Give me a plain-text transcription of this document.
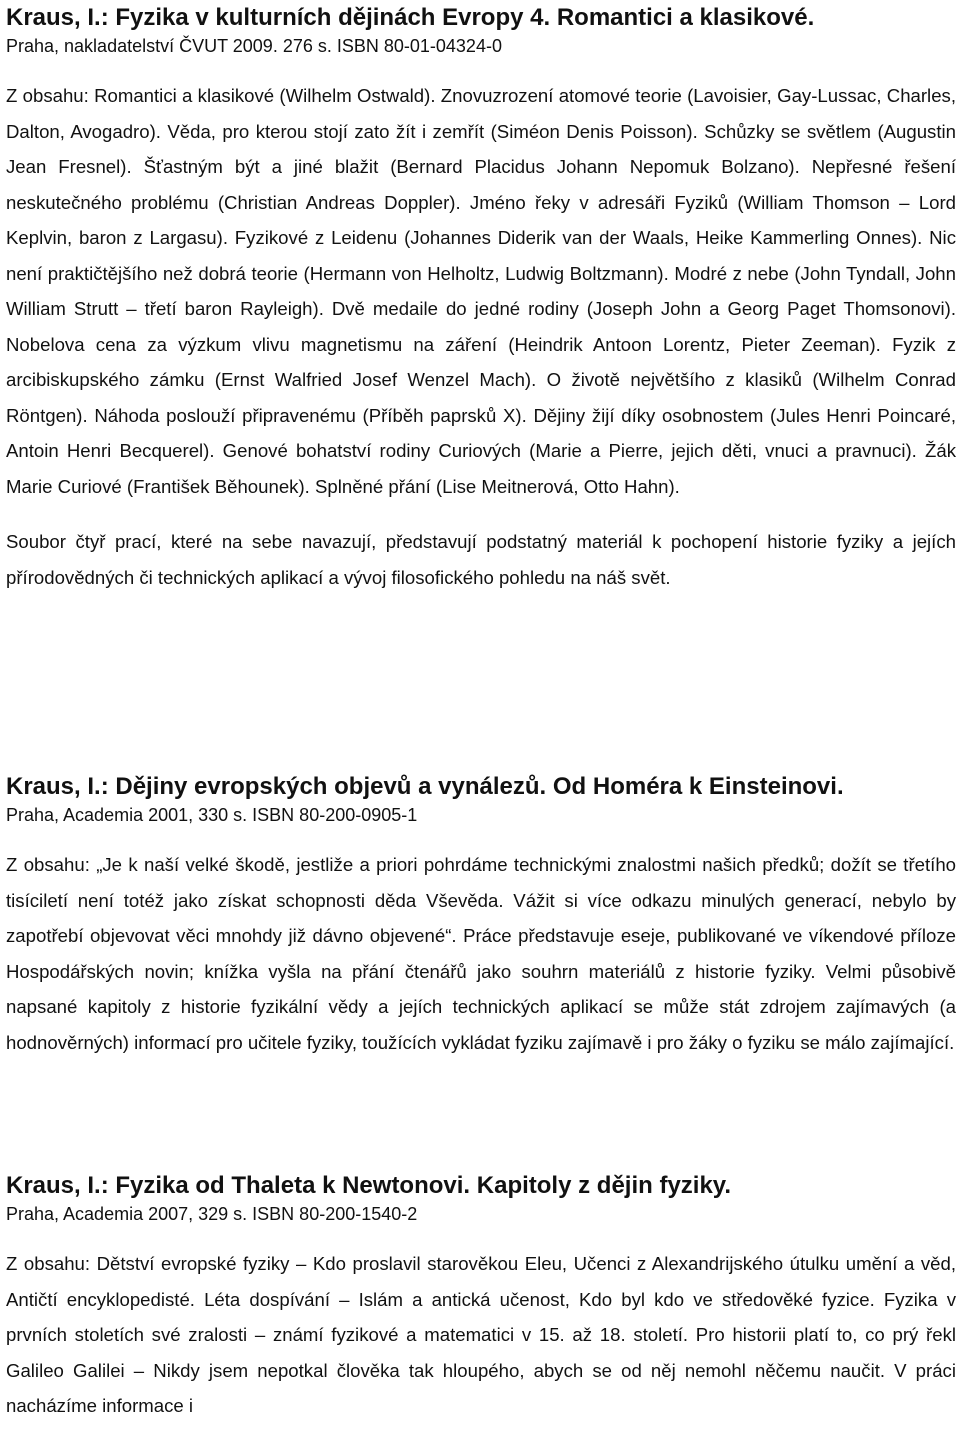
Kraus, I.: Fyzika v kulturních dějinách Evropy 4. Romantici a klasikové.

Praha, nakladatelství ČVUT 2009. 276 s. ISBN 80-01-04324-0

Z obsahu: Romantici a klasikové (Wilhelm Ostwald). Znovuzrození atomové teorie (Lavoisier, Gay-Lussac, Charles, Dalton, Avogadro). Věda, pro kterou stojí zato žít i zemřít (Siméon Denis Poisson). Schůzky se světlem (Augustin Jean Fresnel). Šťastným být a jiné blažit (Bernard Placidus Johann Nepomuk Bolzano). Nepřesné řešení neskutečného problému (Christian Andreas Doppler). Jméno řeky v adresáři Fyziků (William Thomson – Lord Keplvin, baron z Largasu). Fyzikové z Leidenu (Johannes Diderik van der Waals, Heike Kammerling Onnes). Nic není praktičtějšího než dobrá teorie (Hermann von Helholtz, Ludwig Boltzmann). Modré z nebe (John Tyndall, John William Strutt – třetí baron Rayleigh). Dvě medaile do jedné rodiny (Joseph John a Georg Paget Thomsonovi). Nobelova cena za výzkum vlivu magnetismu na záření (Heindrik Antoon Lorentz, Pieter Zeeman). Fyzik z arcibiskupského zámku (Ernst Walfried Josef Wenzel Mach). O životě největšího z klasiků (Wilhelm Conrad Röntgen). Náhoda poslouží připravenému (Příběh paprsků X). Dějiny žijí díky osobnostem (Jules Henri Poincaré, Antoin Henri Becquerel). Genové bohatství rodiny Curiových (Marie a Pierre, jejich děti, vnuci a pravnuci). Žák Marie Curiové (František Běhounek). Splněné přání (Lise Meitnerová, Otto Hahn).

Soubor čtyř prací, které na sebe navazují, představují podstatný materiál k pochopení historie fyziky a jejích přírodovědných či technických aplikací a vývoj filosofického pohledu na náš svět.

Kraus, I.: Dějiny evropských objevů a vynálezů. Od Homéra k Einsteinovi.

Praha, Academia 2001, 330 s. ISBN 80-200-0905-1

Z obsahu: „Je k naší velké škodě, jestliže a priori pohrdáme technickými znalostmi našich předků; dožít se třetího tisíciletí není totéž jako získat schopnosti děda Vševěda. Vážit si více odkazu minulých generací, nebylo by zapotřebí objevovat věci mnohdy již dávno objevené“. Práce představuje eseje, publikované ve víkendové příloze Hospodářských novin; knížka vyšla na přání čtenářů jako souhrn materiálů z historie fyziky. Velmi působivě napsané kapitoly z historie fyzikální vědy a jejích technických aplikací se může stát zdrojem zajímavých (a hodnověrných) informací pro učitele fyziky, toužících vykládat fyziku zajímavě i pro žáky o fyziku se málo zajímající.

Kraus, I.: Fyzika od Thaleta k Newtonovi. Kapitoly z dějin fyziky.

Praha, Academia 2007, 329 s. ISBN 80-200-1540-2

Z obsahu: Dětství evropské fyziky – Kdo proslavil starověkou Eleu, Učenci z Alexandrijského útulku umění a věd, Antičtí encyklopedisté. Léta dospívání – Islám a antická učenost, Kdo byl kdo ve středověké fyzice. Fyzika v prvních stoletích své zralosti – známí fyzikové a matematici v 15. až 18. století. Pro historii platí to, co prý řekl Galileo Galilei – Nikdy jsem nepotkal člověka tak hloupého, abych se od něj nemohl něčemu naučit. V práci nacházíme informace i
